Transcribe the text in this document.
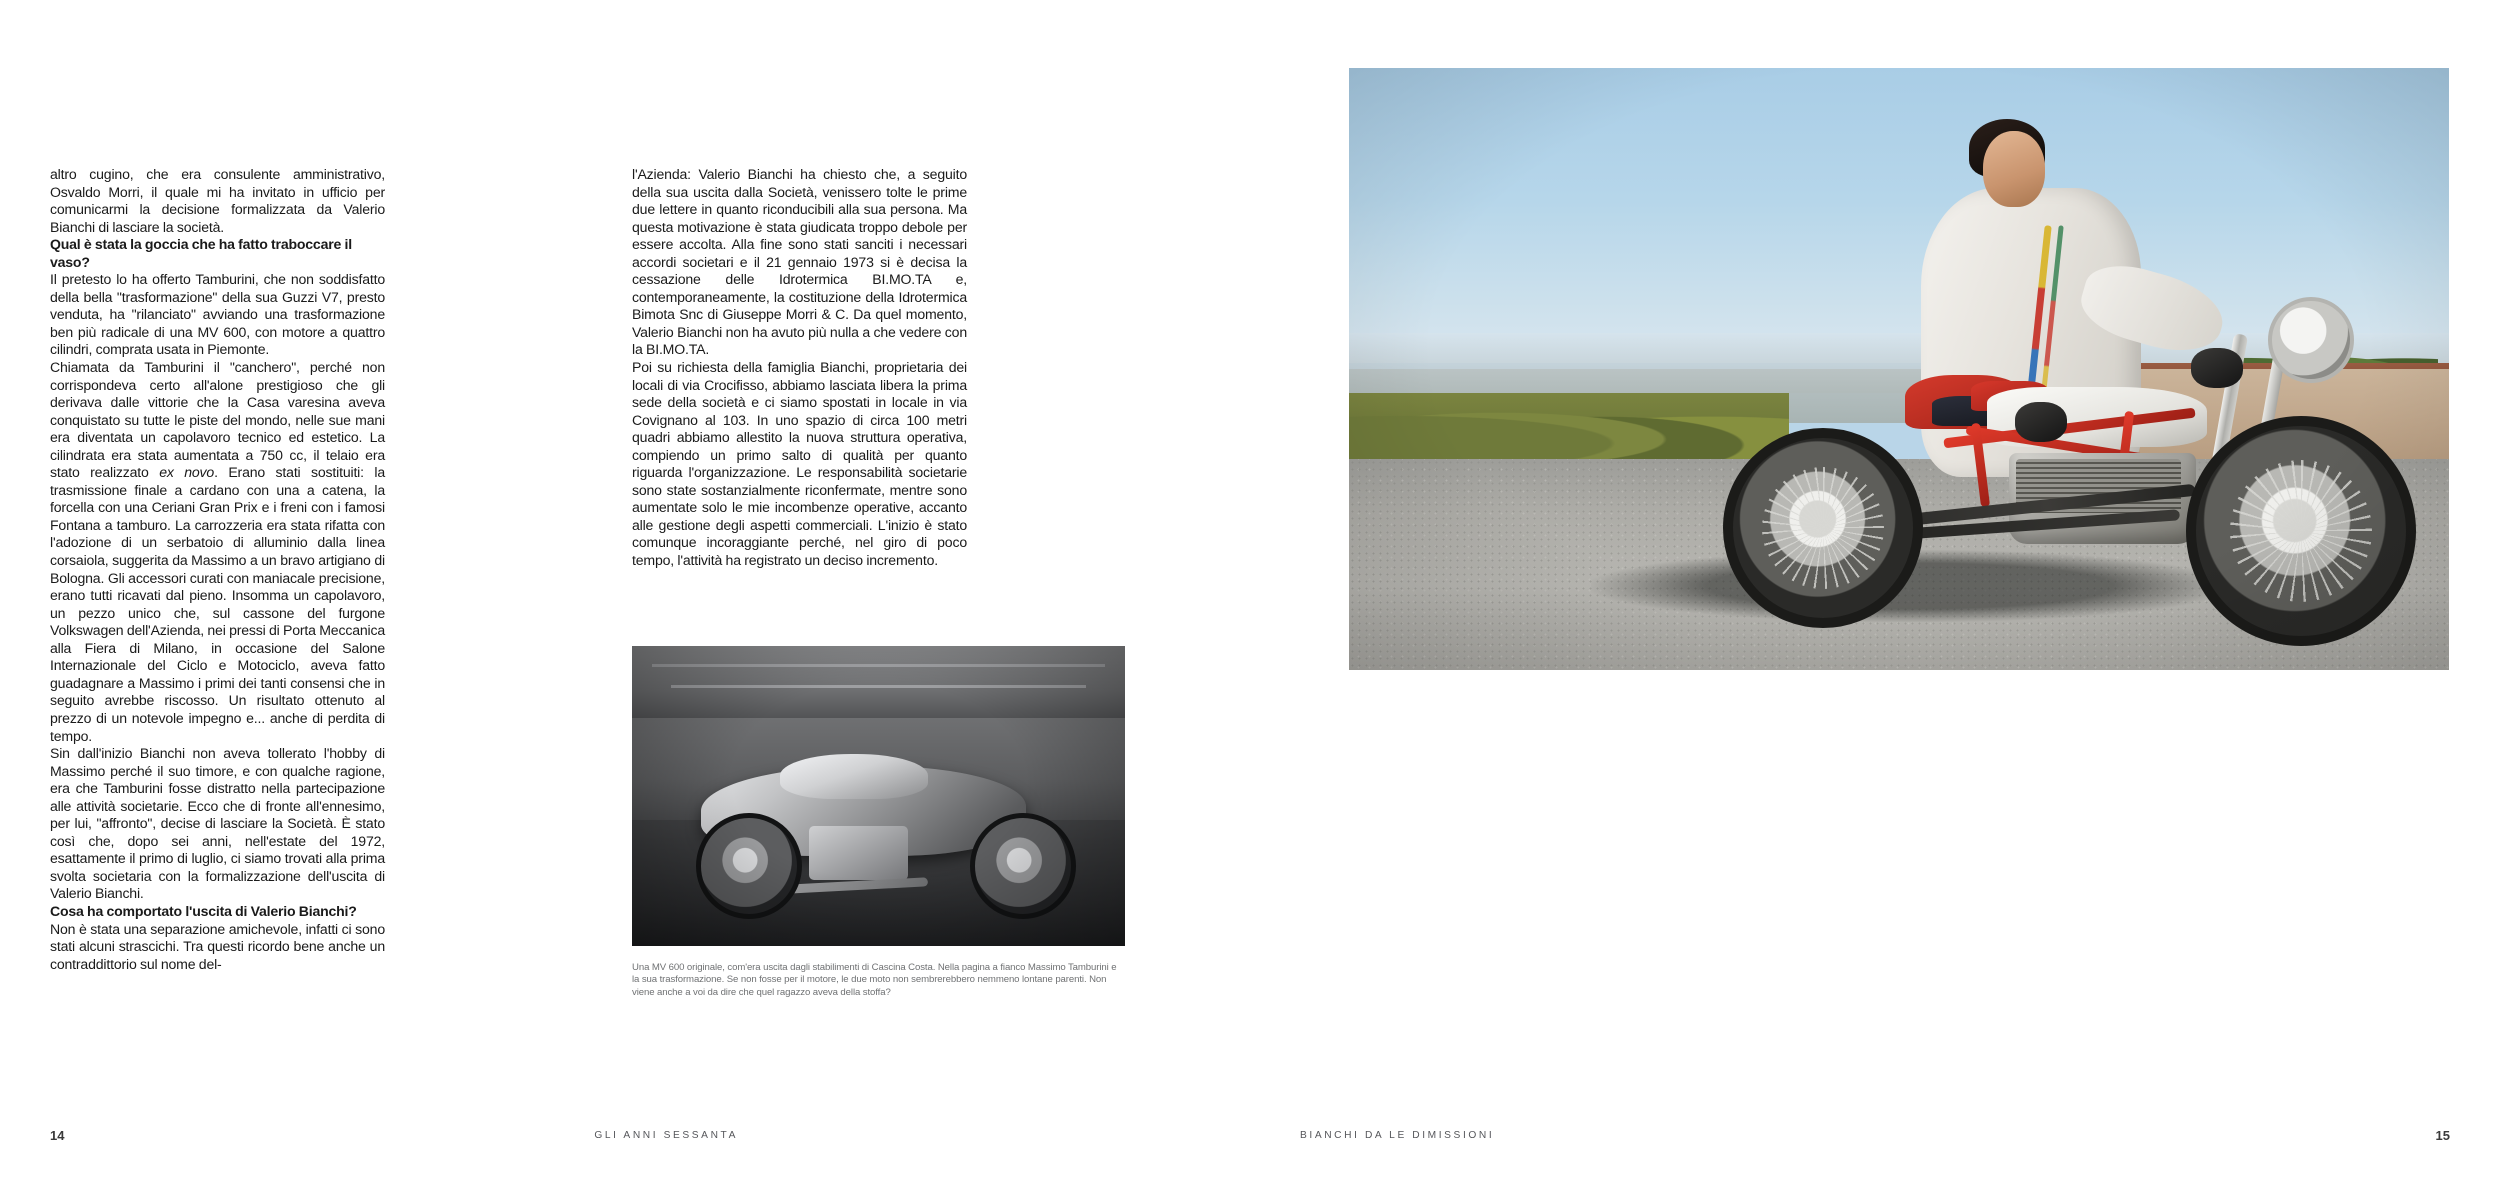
altro cugino, che era consulente amministrativo, Osvaldo Morri, il quale mi ha invitato in ufficio per comunicarmi la decisione formalizzata da Valerio Bianchi di lasciare la società.

Qual è stata la goccia che ha fatto traboccare il vaso?

Il pretesto lo ha offerto Tamburini, che non soddisfatto della bella "trasformazione" della sua Guzzi V7, presto venduta, ha "rilanciato" avviando una trasformazione ben più radicale di una MV 600, con motore a quattro cilindri, comprata usata in Piemonte.

Chiamata da Tamburini il "canchero", perché non corrispondeva certo all'alone prestigioso che gli derivava dalle vittorie che la Casa varesina aveva conquistato su tutte le piste del mondo, nelle sue mani era diventata un capolavoro tecnico ed estetico. La cilindrata era stata aumentata a 750 cc, il telaio era stato realizzato ex novo. Erano stati sostituiti: la trasmissione finale a cardano con una a catena, la forcella con una Ceriani Gran Prix e i freni con i famosi Fontana a tamburo. La carrozzeria era stata rifatta con l'adozione di un serbatoio di alluminio dalla linea corsaiola, suggerita da Massimo a un bravo artigiano di Bologna. Gli accessori curati con maniacale precisione, erano tutti ricavati dal pieno. Insomma un capolavoro, un pezzo unico che, sul cassone del furgone Volkswagen dell'Azienda, nei pressi di Porta Meccanica alla Fiera di Milano, in occasione del Salone Internazionale del Ciclo e Motociclo, aveva fatto guadagnare a Massimo i primi dei tanti consensi che in seguito avrebbe riscosso. Un risultato ottenuto al prezzo di un notevole impegno e... anche di perdita di tempo.

Sin dall'inizio Bianchi non aveva tollerato l'hobby di Massimo perché il suo timore, e con qualche ragione, era che Tamburini fosse distratto nella partecipazione alle attività societarie. Ecco che di fronte all'ennesimo, per lui, "affronto", decise di lasciare la Società. È stato così che, dopo sei anni, nell'estate del 1972, esattamente il primo di luglio, ci siamo trovati alla prima svolta societaria con la formalizzazione dell'uscita di Valerio Bianchi.

Cosa ha comportato l'uscita di Valerio Bianchi?

Non è stata una separazione amichevole, infatti ci sono stati alcuni strascichi. Tra questi ricordo bene anche un contraddittorio sul nome del-

l'Azienda: Valerio Bianchi ha chiesto che, a seguito della sua uscita dalla Società, venissero tolte le prime due lettere in quanto riconducibili alla sua persona. Ma questa motivazione è stata giudicata troppo debole per essere accolta. Alla fine sono stati sanciti i necessari accordi societari e il 21 gennaio 1973 si è decisa la cessazione delle Idrotermica BI.MO.TA e, contemporaneamente, la costituzione della Idrotermica Bimota Snc di Giuseppe Morri & C. Da quel momento, Valerio Bianchi non ha avuto più nulla a che vedere con la BI.MO.TA.

Poi su richiesta della famiglia Bianchi, proprietaria dei locali di via Crocifisso, abbiamo lasciata libera la prima sede della società e ci siamo spostati in locale in via Covignano al 103. In uno spazio di circa 100 metri quadri abbiamo allestito la nuova struttura operativa, compiendo un primo salto di qualità per quanto riguarda l'organizzazione. Le responsabilità societarie sono state sostanzialmente riconfermate, mentre sono aumentate solo le mie incombenze operative, accanto alle gestione degli aspetti commerciali. L'inizio è stato comunque incoraggiante perché, nel giro di poco tempo, l'attività ha registrato un deciso incremento.

Una MV 600 originale, com'era uscita dagli stabilimenti di Cascina Costa. Nella pagina a fianco Massimo Tamburini e la sua trasformazione. Se non fosse per il motore, le due moto non sembrerebbero nemmeno lontane parenti. Non viene anche a voi da dire che quel ragazzo aveva della stoffa?
14	GLI ANNI SESSANTA	15
BIANCHI DA LE DIMISSIONI
